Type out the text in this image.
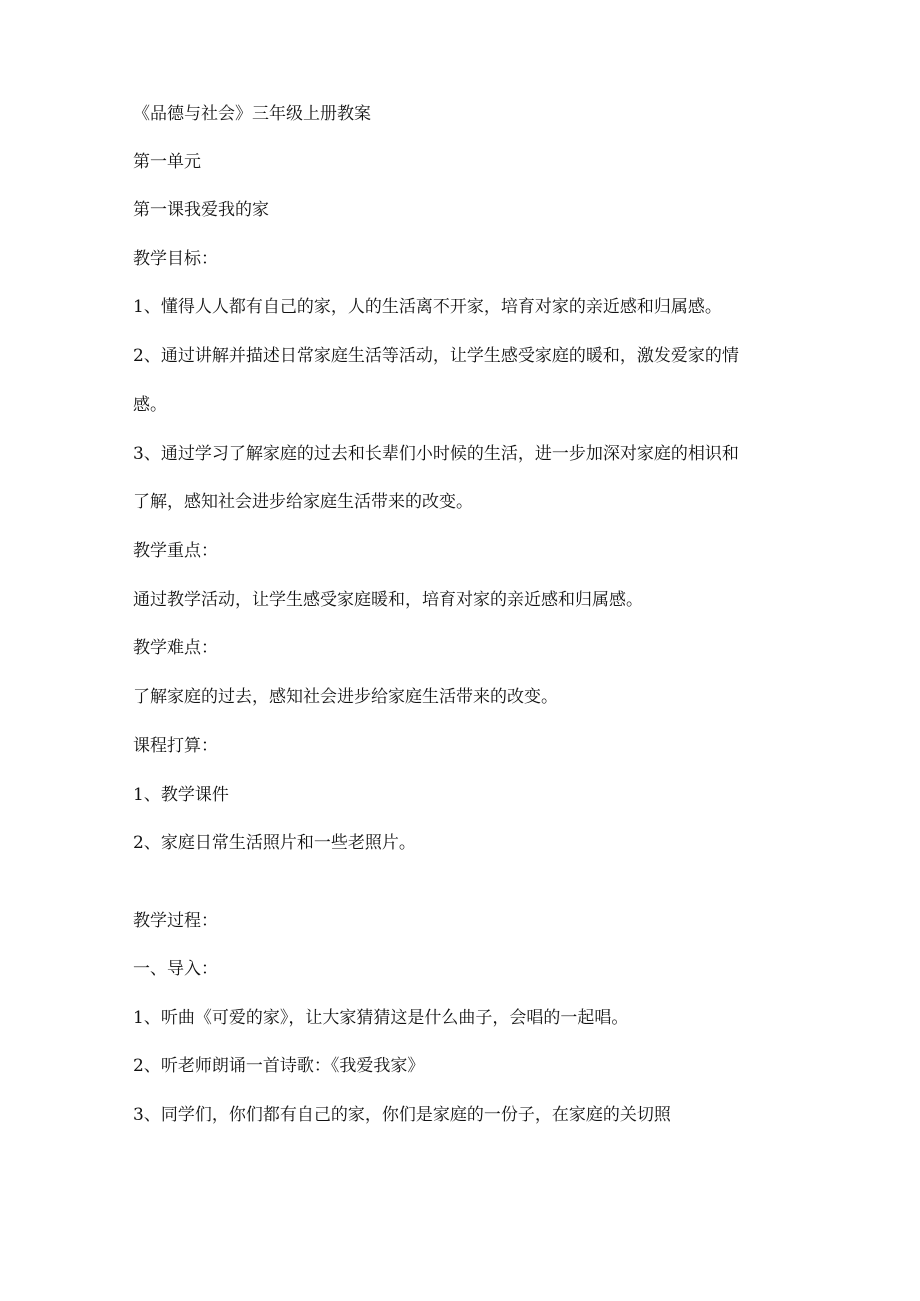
《品德与社会》三年级上册教案
第一单元
第一课我爱我的家
教学目标：
1、懂得人人都有自己的家，人的生活离不开家，培育对家的亲近感和归属感。
2、通过讲解并描述日常家庭生活等活动，让学生感受家庭的暖和，激发爱家的情
感。
3、通过学习了解家庭的过去和长辈们小时候的生活，进一步加深对家庭的相识和
了解，感知社会进步给家庭生活带来的改变。
教学重点：
通过教学活动，让学生感受家庭暖和，培育对家的亲近感和归属感。
教学难点：
了解家庭的过去，感知社会进步给家庭生活带来的改变。
课程打算：
1、教学课件
2、家庭日常生活照片和一些老照片。
教学过程：
一、导入：
1、听曲《可爱的家》，让大家猜猜这是什么曲子，会唱的一起唱。
2、听老师朗诵一首诗歌：《我爱我家》
3、同学们，你们都有自己的家，你们是家庭的一份子，在家庭的关切照
